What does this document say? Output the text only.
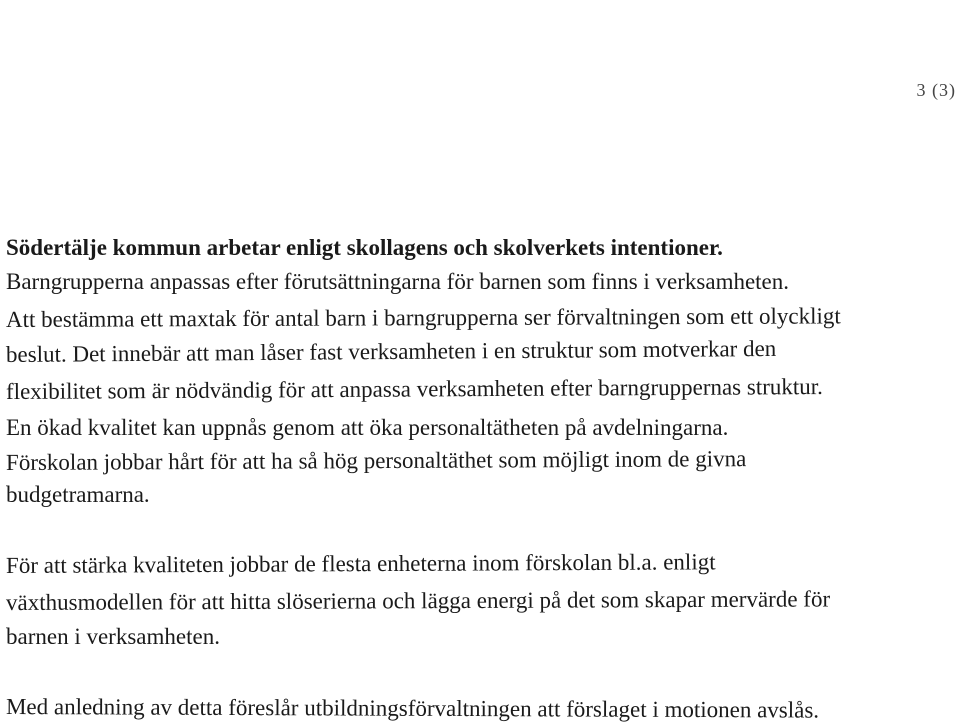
3 (3)
Södertälje kommun arbetar enligt skollagens och skolverkets intentioner.
Barngrupperna anpassas efter förutsättningarna för barnen som finns i verksamheten.
Att bestämma ett maxtak för antal barn i barngrupperna ser förvaltningen som ett olyckligt
beslut. Det innebär att man låser fast verksamheten i en struktur som motverkar den
flexibilitet som är nödvändig för att anpassa verksamheten efter barngruppernas struktur.
En ökad kvalitet kan uppnås genom att öka personaltätheten på avdelningarna.
Förskolan jobbar hårt för att ha så hög personaltäthet som möjligt inom de givna
budgetramarna.
För att stärka kvaliteten jobbar de flesta enheterna inom förskolan bl.a. enligt
växthusmodellen för att hitta slöserierna och lägga energi på det som skapar mervärde för
barnen i verksamheten.
Med anledning av detta föreslår utbildningsförvaltningen att förslaget i motionen avslås.
